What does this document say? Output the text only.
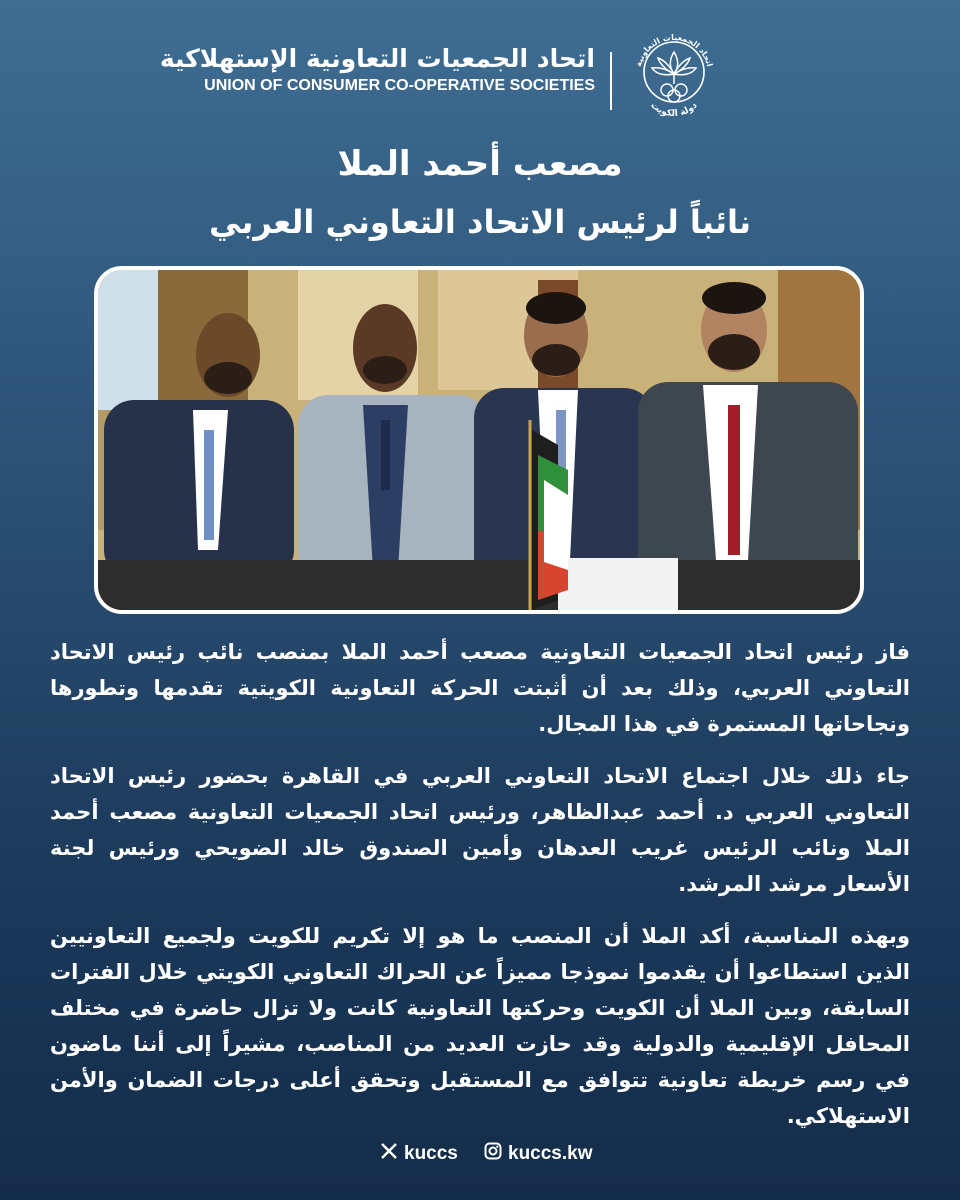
اتحاد الجمعيات التعاونية الإستهلاكية
UNION OF CONSUMER CO-OPERATIVE SOCIETIES
اتحاد الجمعيات التعاونية
دولة الكويت
مصعب أحمد الملا
نائباً لرئيس الاتحاد التعاوني العربي

فاز رئيس اتحاد الجمعيات التعاونية مصعب أحمد الملا بمنصب نائب رئيس الاتحاد التعاوني العربي، وذلك بعد أن أثبتت الحركة التعاونية الكويتية تقدمها وتطورها ونجاحاتها المستمرة في هذا المجال.

جاء ذلك خلال اجتماع الاتحاد التعاوني العربي في القاهرة بحضور رئيس الاتحاد التعاوني العربي د. أحمد عبدالظاهر، ورئيس اتحاد الجمعيات التعاونية مصعب أحمد الملا ونائب الرئيس غريب العدهان وأمين الصندوق خالد الضويحي ورئيس لجنة الأسعار مرشد المرشد.

وبهذه المناسبة، أكد الملا أن المنصب ما هو إلا تكريم للكويت ولجميع التعاونيين الذين استطاعوا أن يقدموا نموذجا مميزاً عن الحراك التعاوني الكويتي خلال الفترات السابقة، وبين الملا أن الكويت وحركتها التعاونية كانت ولا تزال حاضرة في مختلف المحافل الإقليمية والدولية وقد حازت العديد من المناصب، مشيراً إلى أننا ماضون في رسم خريطة تعاونية تتوافق مع المستقبل وتحقق أعلى درجات الضمان والأمن الاستهلاكي.

kuccs	kuccs.kw
